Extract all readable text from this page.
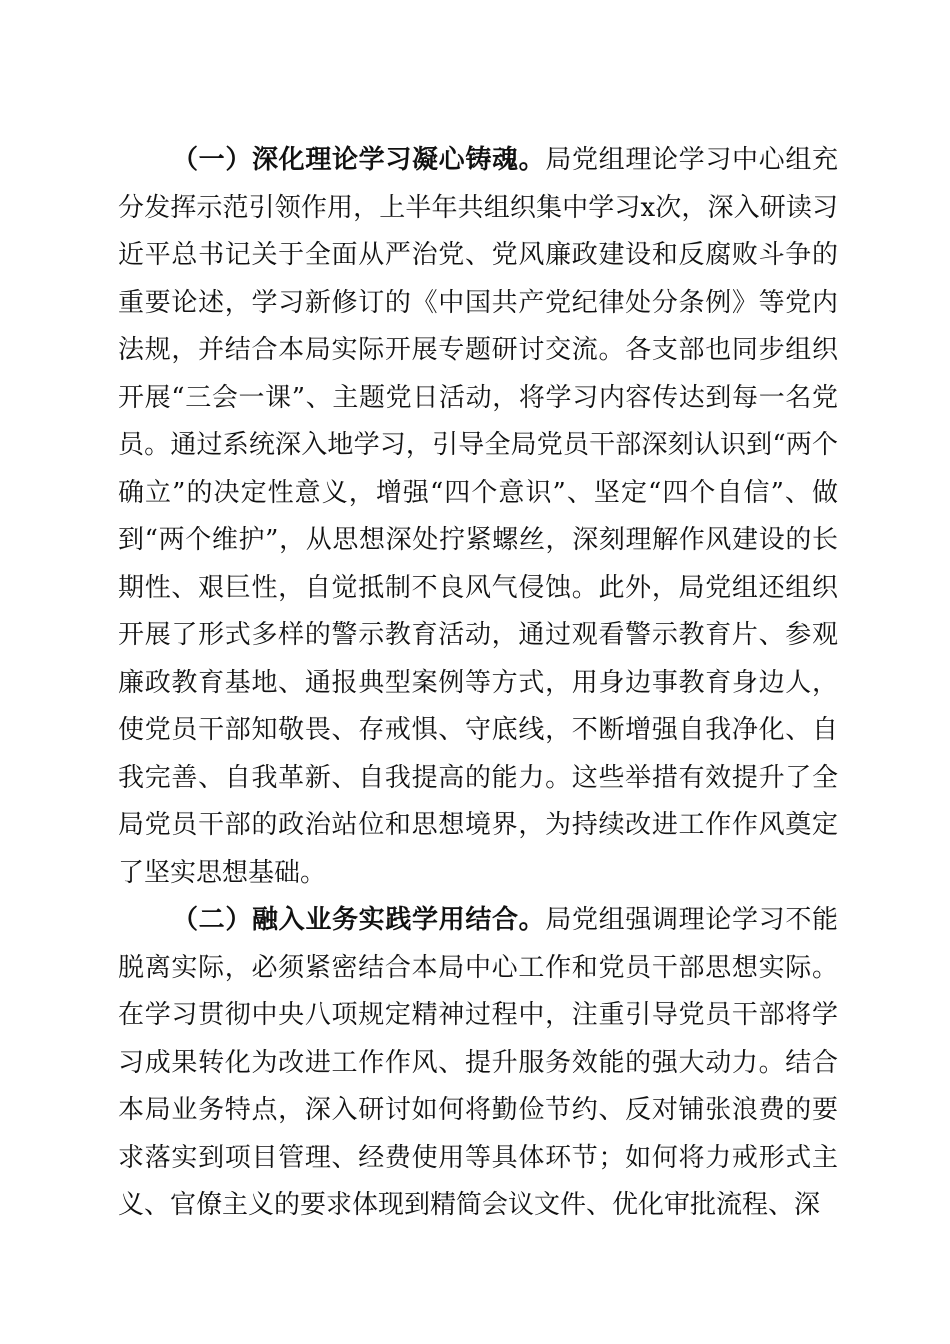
（一）深化理论学习凝心铸魂。局党组理论学习中心组充分发挥示范引领作用，上半年共组织集中学习x次，深入研读习近平总书记关于全面从严治党、党风廉政建设和反腐败斗争的重要论述，学习新修订的《中国共产党纪律处分条例》等党内法规，并结合本局实际开展专题研讨交流。各支部也同步组织开展“三会一课”、主题党日活动，将学习内容传达到每一名党员。通过系统深入地学习，引导全局党员干部深刻认识到“两个确立”的决定性意义，增强“四个意识”、坚定“四个自信”、做到“两个维护”，从思想深处拧紧螺丝，深刻理解作风建设的长期性、艰巨性，自觉抵制不良风气侵蚀。此外，局党组还组织开展了形式多样的警示教育活动，通过观看警示教育片、参观廉政教育基地、通报典型案例等方式，用身边事教育身边人，使党员干部知敬畏、存戒惧、守底线，不断增强自我净化、自我完善、自我革新、自我提高的能力。这些举措有效提升了全局党员干部的政治站位和思想境界，为持续改进工作作风奠定了坚实思想基础。

（二）融入业务实践学用结合。局党组强调理论学习不能脱离实际，必须紧密结合本局中心工作和党员干部思想实际。在学习贯彻中央八项规定精神过程中，注重引导党员干部将学习成果转化为改进工作作风、提升服务效能的强大动力。结合本局业务特点，深入研讨如何将勤俭节约、反对铺张浪费的要求落实到项目管理、经费使用等具体环节；如何将力戒形式主义、官僚主义的要求体现到精简会议文件、优化审批流程、深
